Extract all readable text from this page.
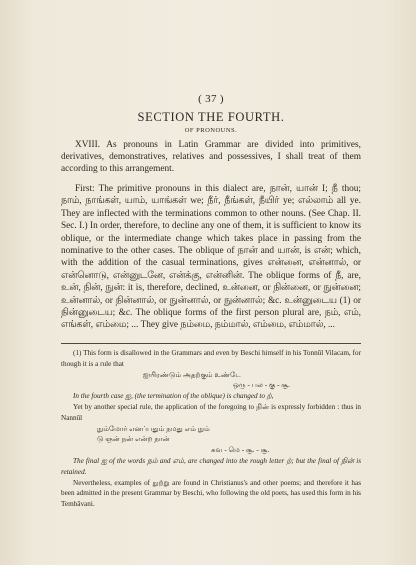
( 37 )
SECTION THE FOURTH.
OF PRONOUNS.
XVIII. As pronouns in Latin Grammar are divided into primitives, derivatives, demonstratives, relatives and possessives, I shall treat of them according to this arrangement.
First: The primitive pronouns in this dialect are, நான், யான் I; நீ thou; நாம், நாங்கள், யாம், யாங்கள் we; நீர், நீங்கள், நீயிர் ye; எல்லாம் all ye. They are inflected with the terminations common to other nouns. (See Chap. II. Sec. I.) In order, therefore, to decline any one of them, it is sufficient to know its oblique, or the intermediate change which takes place in passing from the nominative to the other cases. The oblique of நான் and யான், is என்; which, with the addition of the casual terminations, gives என்னை, என்னால், or என்னொடு, என்னுடனே, என்க்கு, என்னின். The oblique forms of நீ, are, உன், நின், நுன்: it is, therefore, declined, உன்னை, or நின்னை, or நுன்னை; உன்னால், or நின்னால், or நுன்னால், or நுன்னால்; &c. உன்னுடைய (1) or நின்னுடைய; &c. The oblique forms of the first person plural are, நம், எம், எங்கள், எம்மை; ... They give நம்மை, நம்மால், எம்மை, எம்மால், ...
(1) This form is disallowed in the Grammars and even by Beschi himself in his Tonnūl Vilacam, for though it is a rule that
ஐயிரண்டும் அதற்கும் உண்டே
ஒரு - பல - கு - சூ.
In the fourth case ஐ, (the termination of the oblique) is changed to ற்,
Yet by another special rule, the application of the foregoing to நின் is expressly forbidden : thus in Nannūl
நும்மோர் எனப்பதும் நமது எம் நும்
டு ஞன் நன் என்ற நான்
சுவ - மெ - சூ. - சூ.
The final ஐ of the words நம் and எம், are changed into the rough letter ற்; but the final of நின் is retained.
Nevertheless, examples of நுற்று are found in Christianus's and other poems; and therefore it has been admitted in the present Grammar by Beschi, who following the old poets, has used this form in his Tembāvani.
